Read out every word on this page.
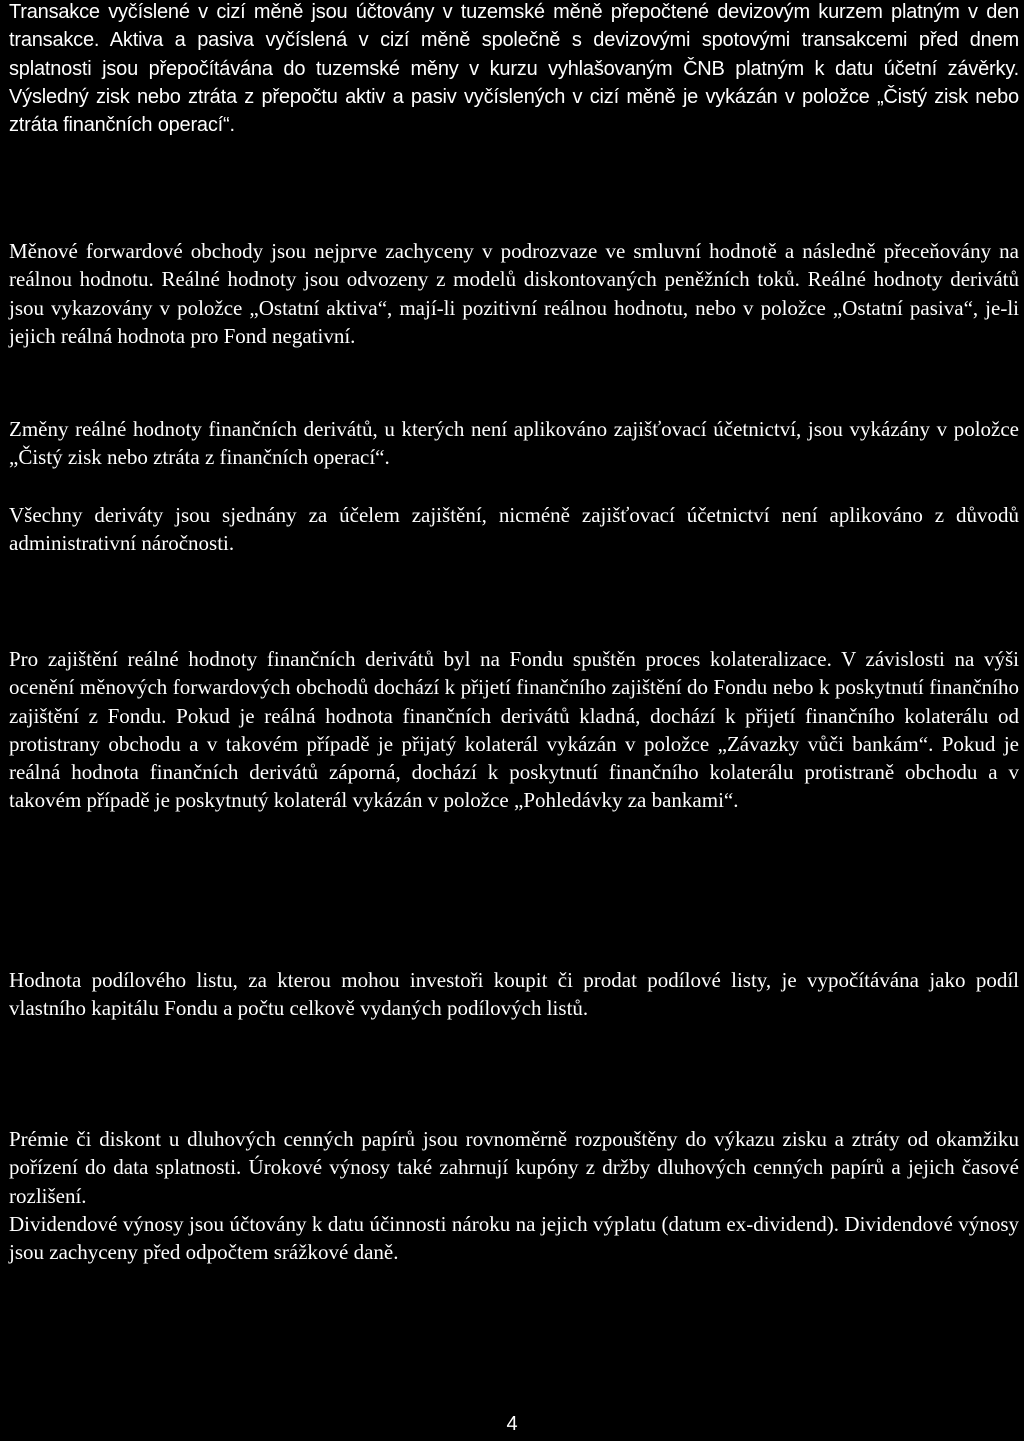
Transakce vyčíslené v cizí měně jsou účtovány v tuzemské měně přepočtené devizovým kurzem platným v den transakce. Aktiva a pasiva vyčíslená v cizí měně společně s devizovými spotovými transakcemi před dnem splatnosti jsou přepočítávána do tuzemské měny v kurzu vyhlašovaným ČNB platným k datu účetní závěrky. Výsledný zisk nebo ztráta z přepočtu aktiv a pasiv vyčíslených v cizí měně je vykázán v položce „Čistý zisk nebo ztráta finančních operací“.

Měnové forwardové obchody jsou nejprve zachyceny v podrozvaze ve smluvní hodnotě a následně přeceňovány na reálnou hodnotu. Reálné hodnoty jsou odvozeny z modelů diskontovaných peněžních toků. Reálné hodnoty derivátů jsou vykazovány v položce „Ostatní aktiva“, mají-li pozitivní reálnou hodnotu, nebo v položce „Ostatní pasiva“, je-li jejich reálná hodnota pro Fond negativní.

Změny reálné hodnoty finančních derivátů, u kterých není aplikováno zajišťovací účetnictví, jsou vykázány v položce „Čistý zisk nebo ztráta z finančních operací“.

Všechny deriváty jsou sjednány za účelem zajištění, nicméně zajišťovací účetnictví není aplikováno z důvodů administrativní náročnosti.

Pro zajištění reálné hodnoty finančních derivátů byl na Fondu spuštěn proces kolateralizace. V závislosti na výši ocenění měnových forwardových obchodů dochází k přijetí finančního zajištění do Fondu nebo k poskytnutí finančního zajištění z Fondu. Pokud je reálná hodnota finančních derivátů kladná, dochází k přijetí finančního kolaterálu od protistrany obchodu a v takovém případě je přijatý kolaterál vykázán v položce „Závazky vůči bankám“. Pokud je reálná hodnota finančních derivátů záporná, dochází k poskytnutí finančního kolaterálu protistraně obchodu a v takovém případě je poskytnutý kolaterál vykázán v položce „Pohledávky za bankami“.

Hodnota podílového listu, za kterou mohou investoři koupit či prodat podílové listy, je vypočítávána jako podíl vlastního kapitálu Fondu a počtu celkově vydaných podílových listů.

Prémie či diskont u dluhových cenných papírů jsou rovnoměrně rozpouštěny do výkazu zisku a ztráty od okamžiku pořízení do data splatnosti. Úrokové výnosy také zahrnují kupóny z držby dluhových cenných papírů a jejich časové rozlišení.

Dividendové výnosy jsou účtovány k datu účinnosti nároku na jejich výplatu (datum ex-dividend). Dividendové výnosy jsou zachyceny před odpočtem srážkové daně.

4
